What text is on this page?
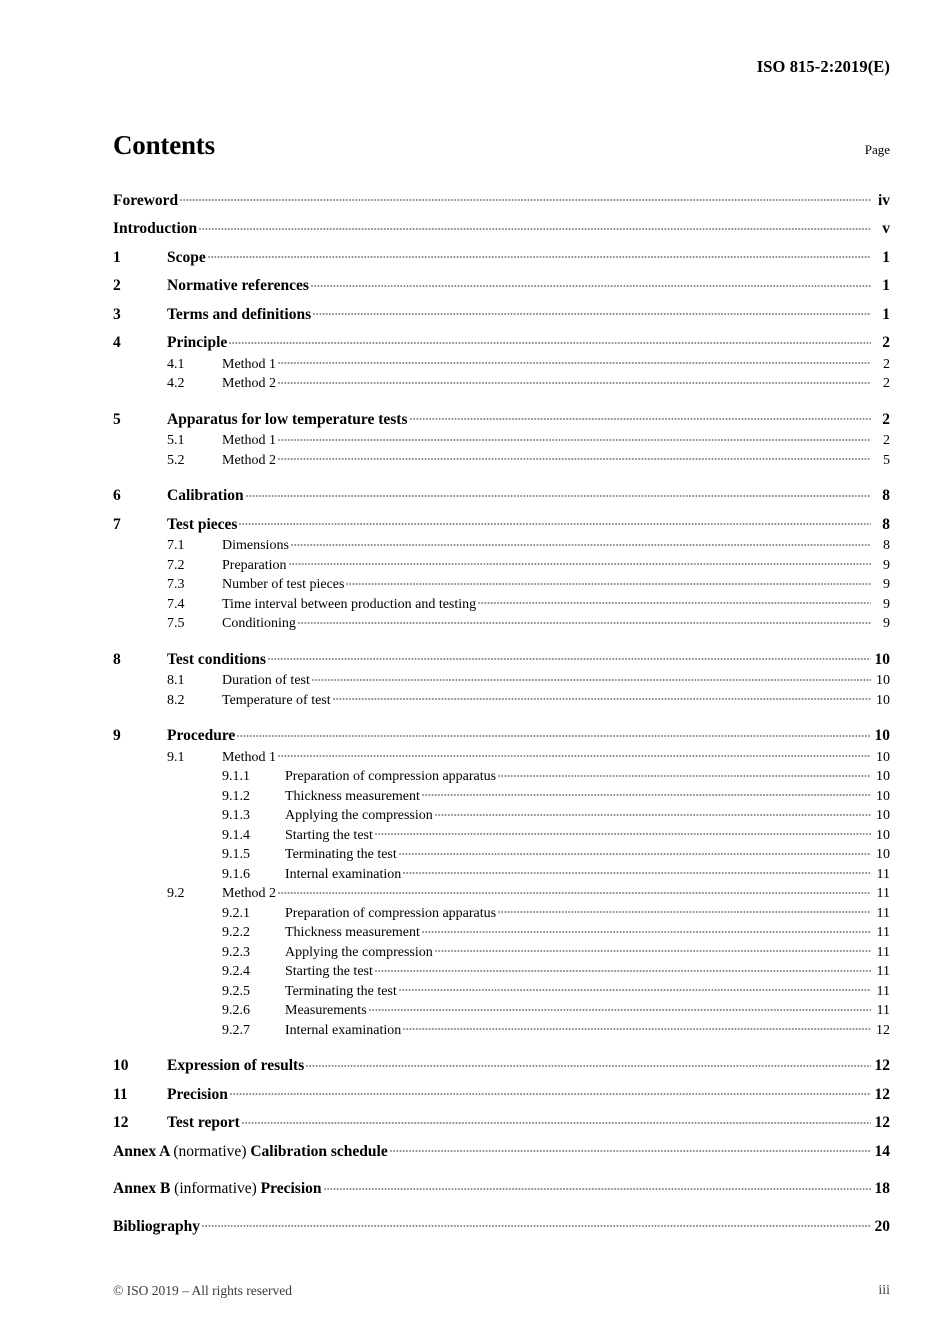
ISO 815-2:2019(E)
Contents	Page
Foreword	iv
Introduction	v
1	Scope	1
2	Normative references	1
3	Terms and definitions	1
4	Principle	2
4.1	Method 1	2
4.2	Method 2	2
5	Apparatus for low temperature tests	2
5.1	Method 1	2
5.2	Method 2	5
6	Calibration	8
7	Test pieces	8
7.1	Dimensions	8
7.2	Preparation	9
7.3	Number of test pieces	9
7.4	Time interval between production and testing	9
7.5	Conditioning	9
8	Test conditions	10
8.1	Duration of test	10
8.2	Temperature of test	10
9	Procedure	10
9.1	Method 1	10
9.1.1	Preparation of compression apparatus	10
9.1.2	Thickness measurement	10
9.1.3	Applying the compression	10
9.1.4	Starting the test	10
9.1.5	Terminating the test	10
9.1.6	Internal examination	11
9.2	Method 2	11
9.2.1	Preparation of compression apparatus	11
9.2.2	Thickness measurement	11
9.2.3	Applying the compression	11
9.2.4	Starting the test	11
9.2.5	Terminating the test	11
9.2.6	Measurements	11
9.2.7	Internal examination	12
10	Expression of results	12
11	Precision	12
12	Test report	12
Annex A (normative) Calibration schedule	14
Annex B (informative) Precision	18
Bibliography	20
© ISO 2019 – All rights reserved	iii
